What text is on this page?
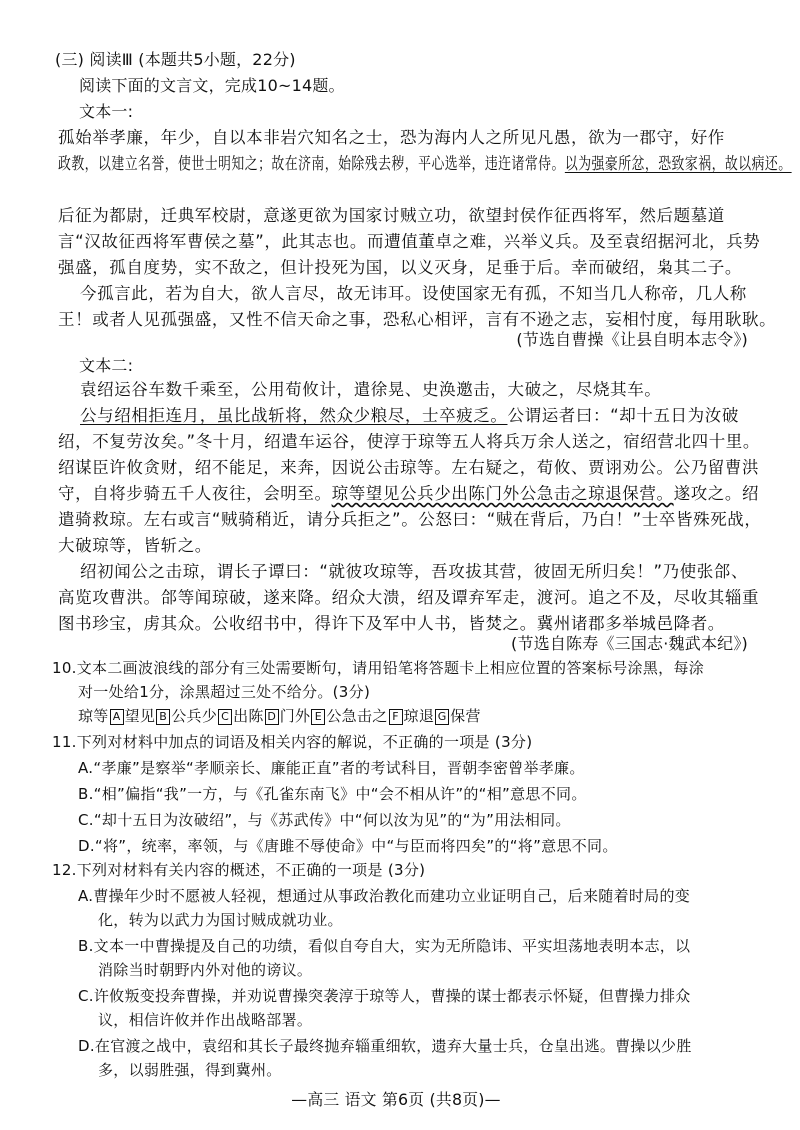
(三) 阅读Ⅲ (本题共5小题，22分)
阅读下面的文言文，完成10~14题。
文本一:
孤始举孝廉，年少，自以本非岩穴知名之士，恐为海内人之所见凡愚，欲为一郡守，好作
政教，以建立名誉，使世士明知之；故在济南，始除残去秽，平心选举，违迕诸常侍。以为强豪所忿，恐致家祸，故以病还。
后征为都尉，迁典军校尉，意遂更欲为国家讨贼立功，欲望封侯作征西将军，然后题墓道
言“汉故征西将军曹侯之墓”，此其志也。而遭值董卓之难，兴举义兵。及至袁绍据河北，兵势
强盛，孤自度势，实不敌之，但计投死为国，以义灭身，足垂于后。幸而破绍，枭其二子。
今孤言此，若为自大，欲人言尽，故无讳耳。设使国家无有孤，不知当几人称帝，几人称
王！或者人见孤强盛，又性不信天命之事，恐私心相评，言有不逊之志，妄相忖度，每用耿耿。
(节选自曹操《让县自明本志令》)
文本二:
袁绍运谷车数千乘至，公用荀攸计，遣徐晃、史涣邀击，大破之，尽烧其车。
公与绍相拒连月，虽比战斩将，然众少粮尽，士卒疲乏。公谓运者曰：“却十五日为汝破
绍，不复劳汝矣。”冬十月，绍遣车运谷，使淳于琼等五人将兵万余人送之，宿绍营北四十里。
绍谋臣许攸贪财，绍不能足，来奔，因说公击琼等。左右疑之，荀攸、贾诩劝公。公乃留曹洪
守，自将步骑五千人夜往，会明至。琼等望见公兵少出陈门外公急击之琼退保营。遂攻之。绍
遣骑救琼。左右或言“贼骑稍近，请分兵拒之”。公怒曰：“贼在背后，乃白！”士卒皆殊死战，
大破琼等，皆斩之。
绍初闻公之击琼，谓长子谭曰：“就彼攻琼等，吾攻拔其营，彼固无所归矣！”乃使张郃、
高览攻曹洪。郃等闻琼破，遂来降。绍众大溃，绍及谭弃军走，渡河。追之不及，尽收其辎重
图书珍宝，虏其众。公收绍书中，得许下及军中人书，皆焚之。冀州诸郡多举城邑降者。
(节选自陈寿《三国志·魏武本纪》)
10.文本二画波浪线的部分有三处需要断句，请用铅笔将答题卡上相应位置的答案标号涂黑，每涂
对一处给1分，涂黑超过三处不给分。(3分)
琼等 A 望见 B 公兵少 C 出陈 D 门外 E 公急击之 F 琼退 G 保营
11.下列对材料中加点的词语及相关内容的解说，不正确的一项是 (3分)
A.“孝廉”是察举“孝顺亲长、廉能正直”者的考试科目，晋朝李密曾举孝廉。
B.“相”偏指“我”一方，与《孔雀东南飞》中“会不相从许”的“相”意思不同。
C.“却十五日为汝破绍”，与《苏武传》中“何以汝为见”的“为”用法相同。
D.“将”，统率，率领，与《唐雎不辱使命》中“与臣而将四矣”的“将”意思不同。
12.下列对材料有关内容的概述，不正确的一项是 (3分)
A.曹操年少时不愿被人轻视，想通过从事政治教化而建功立业证明自己，后来随着时局的变
化，转为以武力为国讨贼成就功业。
B.文本一中曹操提及自己的功绩，看似自夸自大，实为无所隐讳、平实坦荡地表明本志，以
消除当时朝野内外对他的谤议。
C.许攸叛变投奔曹操，并劝说曹操突袭淳于琼等人，曹操的谋士都表示怀疑，但曹操力排众
议，相信许攸并作出战略部署。
D.在官渡之战中，袁绍和其长子最终抛弃辎重细软，遗弃大量士兵，仓皇出逃。曹操以少胜
多，以弱胜强，得到冀州。
—高三 语文 第6页 (共8页)—
